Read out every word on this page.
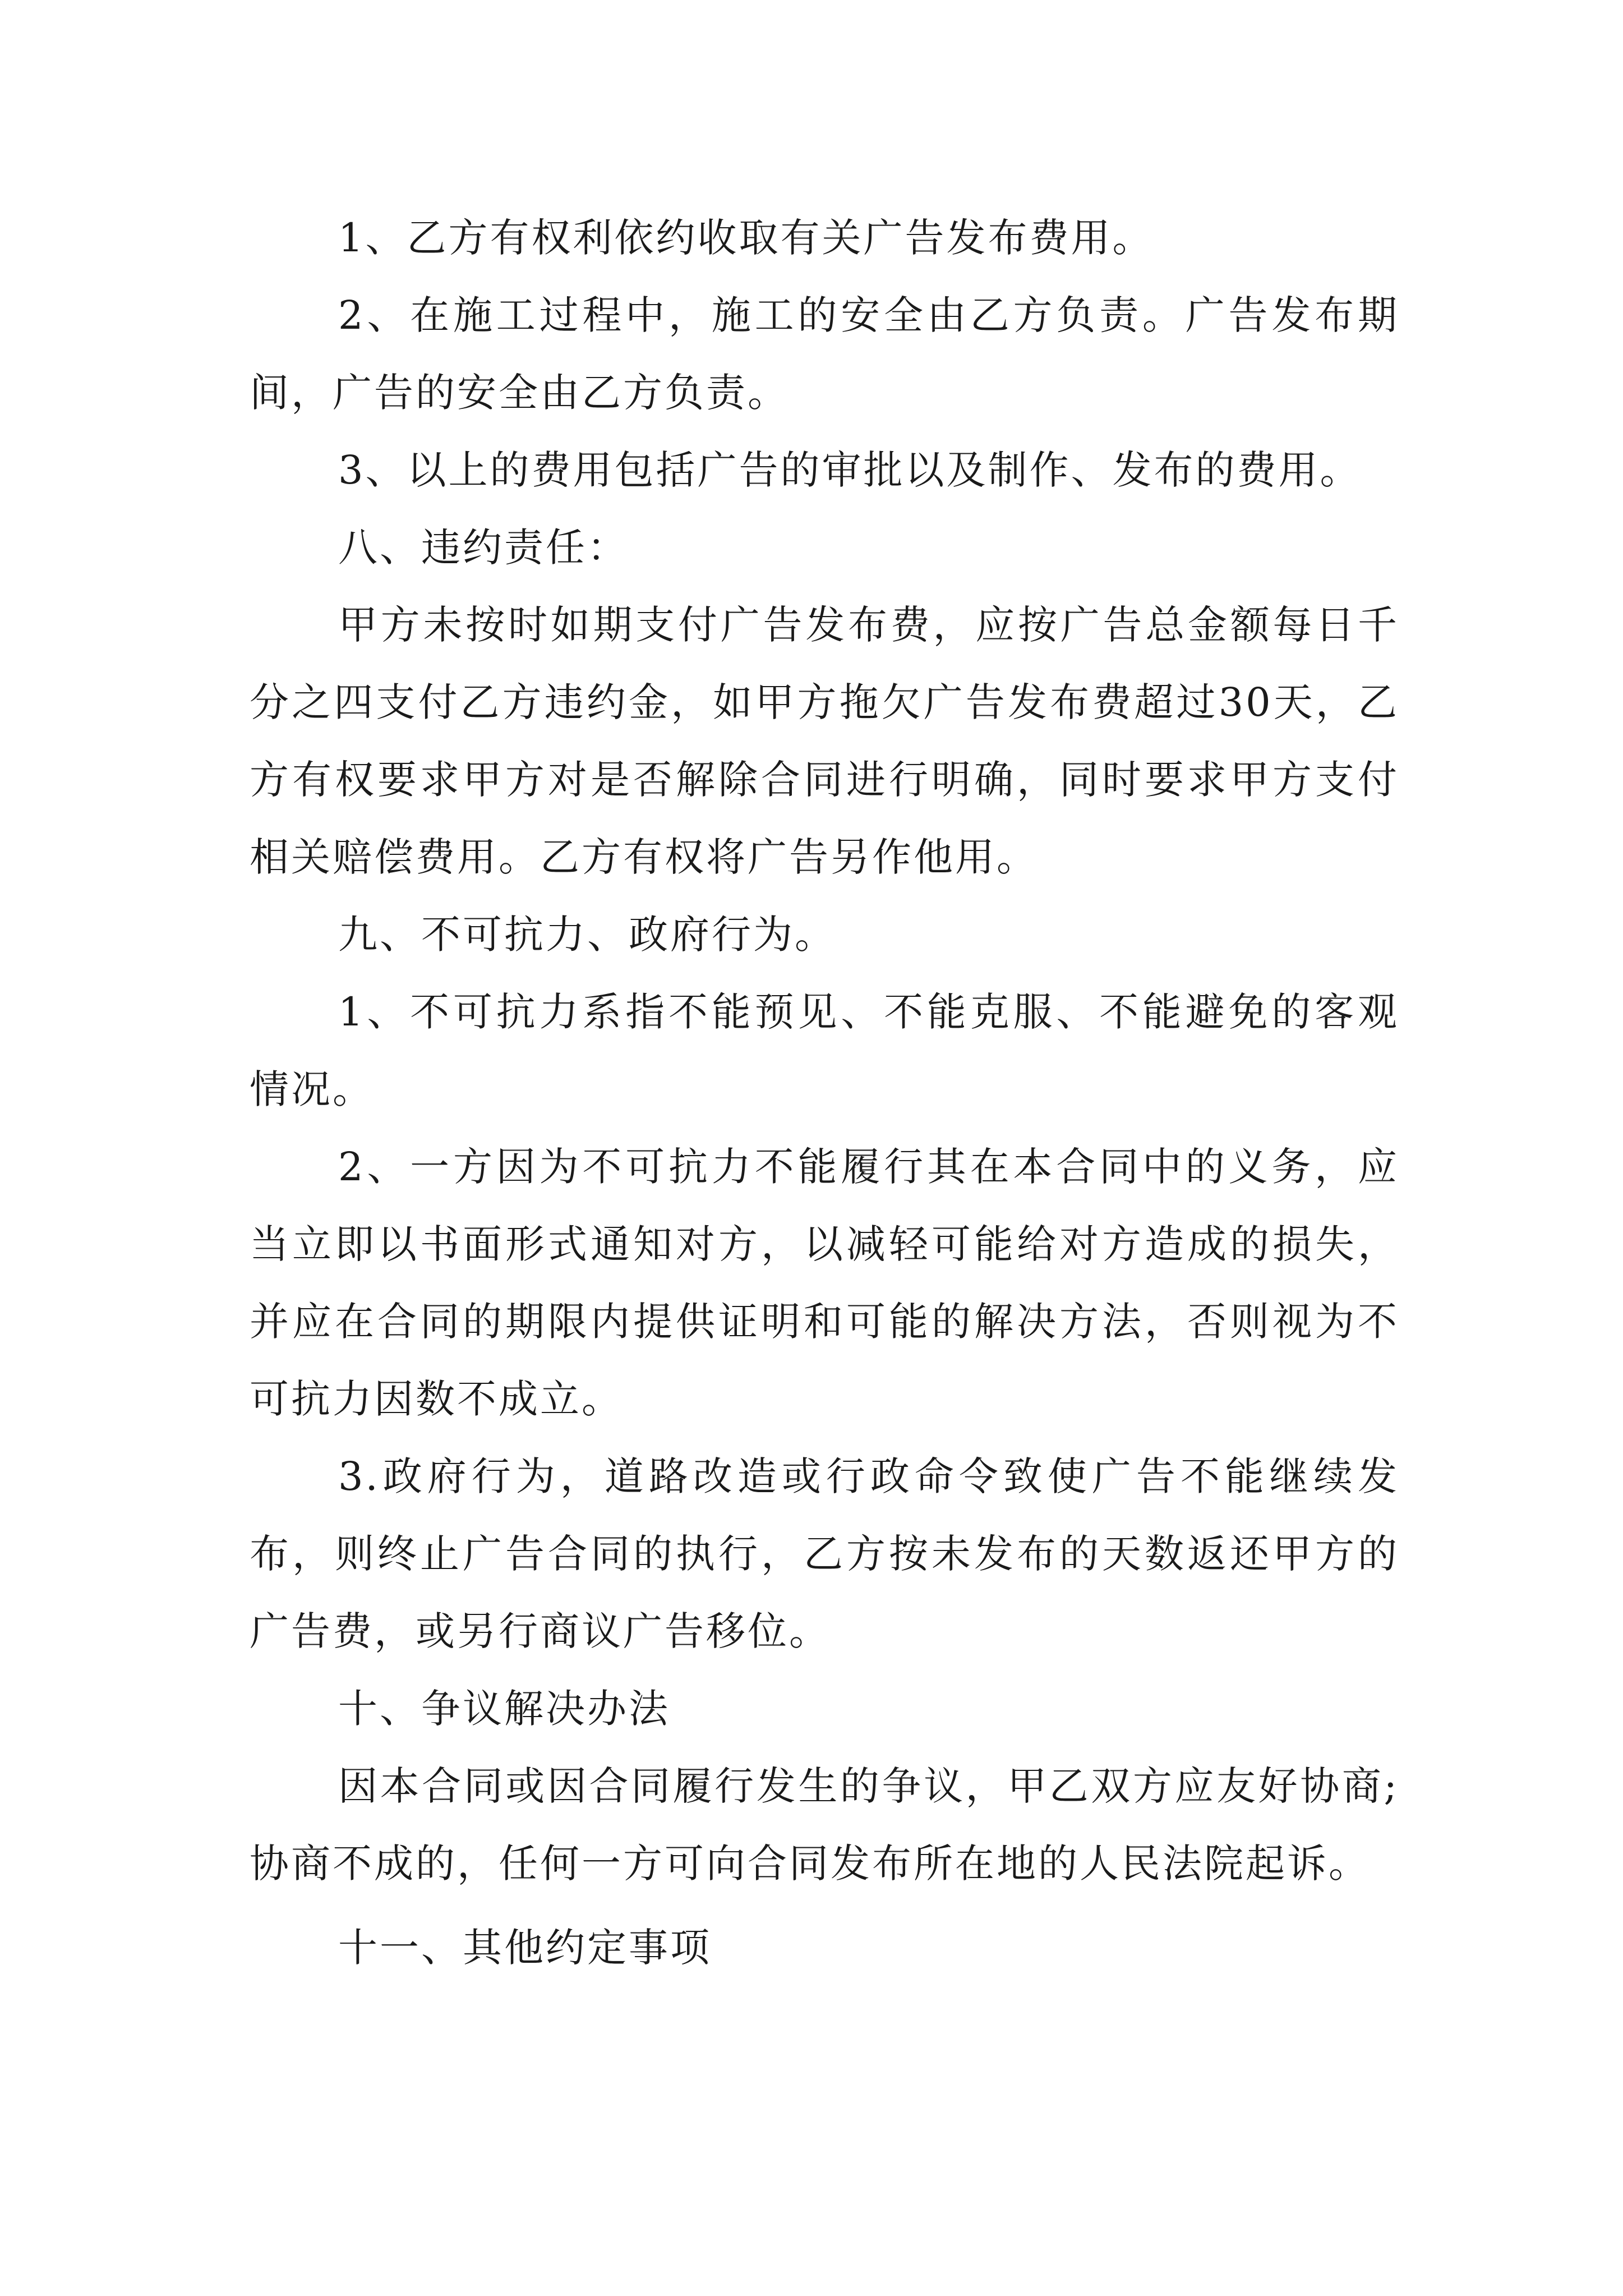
1、乙方有权利依约收取有关广告发布费用。

2、在施工过程中，施工的安全由乙方负责。广告发布期间，广告的安全由乙方负责。

3、以上的费用包括广告的审批以及制作、发布的费用。

八、违约责任：

甲方未按时如期支付广告发布费，应按广告总金额每日千分之四支付乙方违约金，如甲方拖欠广告发布费超过30天，乙方有权要求甲方对是否解除合同进行明确，同时要求甲方支付相关赔偿费用。乙方有权将广告另作他用。

九、不可抗力、政府行为。

1、不可抗力系指不能预见、不能克服、不能避免的客观情况。

2、一方因为不可抗力不能履行其在本合同中的义务，应当立即以书面形式通知对方，以减轻可能给对方造成的损失，并应在合同的期限内提供证明和可能的解决方法，否则视为不可抗力因数不成立。

3.政府行为，道路改造或行政命令致使广告不能继续发布，则终止广告合同的执行，乙方按未发布的天数返还甲方的广告费，或另行商议广告移位。

十、争议解决办法

因本合同或因合同履行发生的争议，甲乙双方应友好协商;协商不成的，任何一方可向合同发布所在地的人民法院起诉。

十一、其他约定事项
